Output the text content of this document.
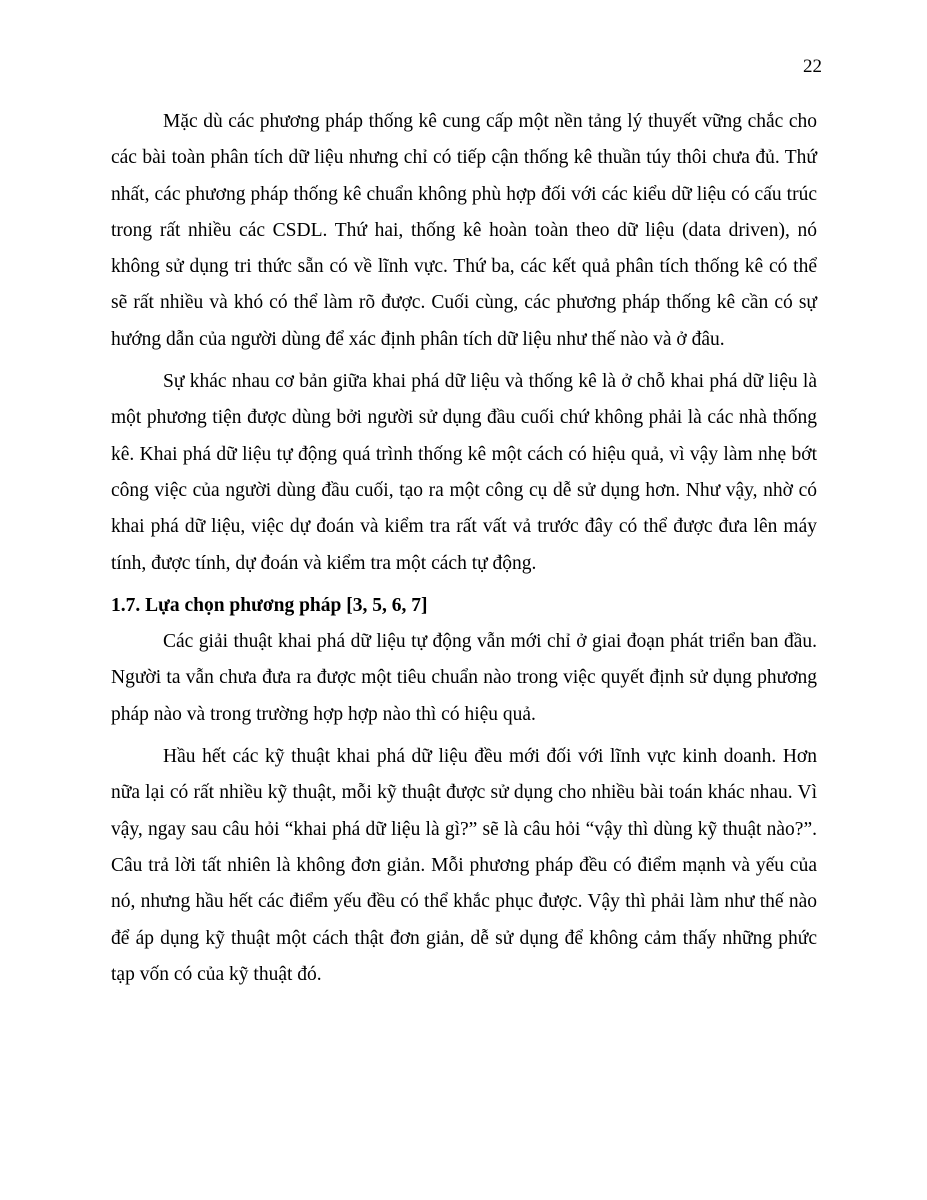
22

Mặc dù các phương pháp thống kê cung cấp một nền tảng lý thuyết vững chắc cho các bài toàn phân tích dữ liệu nhưng chỉ có tiếp cận thống kê thuần túy thôi chưa đủ. Thứ nhất, các phương pháp thống kê chuẩn không phù hợp đối với các kiểu dữ liệu có cấu trúc trong rất nhiều các CSDL. Thứ hai, thống kê hoàn toàn theo dữ liệu (data driven), nó không sử dụng tri thức sẵn có về lĩnh vực. Thứ ba, các kết quả phân tích thống kê có thể sẽ rất nhiều và khó có thể làm rõ được. Cuối cùng, các phương pháp thống kê cần có sự hướng dẫn của người dùng để xác định phân tích dữ liệu như thế nào và ở đâu.

Sự khác nhau cơ bản giữa khai phá dữ liệu và thống kê là ở chỗ khai phá dữ liệu là một phương tiện được dùng bởi người sử dụng đầu cuối chứ không phải là các nhà thống kê. Khai phá dữ liệu tự động quá trình thống kê một cách có hiệu quả, vì vậy làm nhẹ bớt công việc của người dùng đầu cuối, tạo ra một công cụ dễ sử dụng hơn. Như vậy, nhờ có khai phá dữ liệu, việc dự đoán và kiểm tra rất vất vả trước đây có thể được đưa lên máy tính, được tính, dự đoán và kiểm tra một cách tự động.

1.7. Lựa chọn phương pháp [3, 5, 6, 7]

Các giải thuật khai phá dữ liệu tự động vẫn mới chỉ ở giai đoạn phát triển ban đầu. Người ta vẫn chưa đưa ra được một tiêu chuẩn nào trong việc quyết định sử dụng phương pháp nào và trong trường hợp hợp nào thì có hiệu quả.

Hầu hết các kỹ thuật khai phá dữ liệu đều mới đối với lĩnh vực kinh doanh. Hơn nữa lại có rất nhiều kỹ thuật, mỗi kỹ thuật được sử dụng cho nhiều bài toán khác nhau. Vì vậy, ngay sau câu hỏi “khai phá dữ liệu là gì?” sẽ là câu hỏi “vậy thì dùng kỹ thuật nào?”. Câu trả lời tất nhiên là không đơn giản. Mỗi phương pháp đều có điểm mạnh và yếu của nó, nhưng hầu hết các điểm yếu đều có thể khắc phục được. Vậy thì phải làm như thế nào để áp dụng kỹ thuật một cách thật đơn giản, dễ sử dụng để không cảm thấy những phức tạp vốn có của kỹ thuật đó.
